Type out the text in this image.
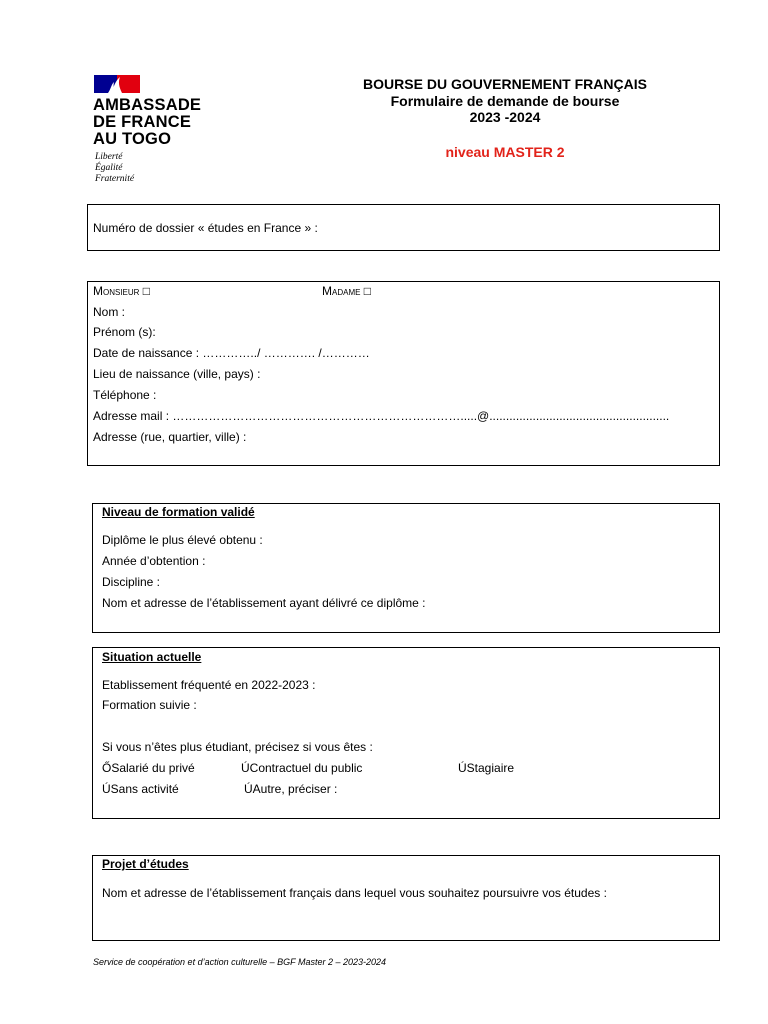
AMBASSADE
DE FRANCE
AU TOGO
Liberté
Égalité
Fraternité
BOURSE DU GOUVERNEMENT FRANÇAIS
Formulaire de demande de bourse
2023 -2024
niveau MASTER 2
Numéro de dossier « études en France » :
Monsieur □	Madame □
Nom :
Prénom (s):
Date de naissance : …………../ …………. /…………
Lieu de naissance (ville, pays) :
Téléphone :
Adresse mail : ……………………………………………………………….....@......................................................
Adresse (rue, quartier, ville) :
Niveau de formation validé
Diplôme le plus élevé obtenu :
Année d’obtention :
Discipline :
Nom et adresse de l’établissement ayant délivré ce diplôme :
Situation actuelle
Etablissement fréquenté en 2022-2023 :
Formation suivie :
Si vous n’êtes plus étudiant, précisez si vous êtes :
ŐSalarié du privé	ÚContractuel du public	ÚStagiaire
ÚSans activité	ÚAutre, préciser :
Projet d’études
Nom et adresse de l’établissement français dans lequel vous souhaitez poursuivre vos études :
Service de coopération et d’action culturelle – BGF Master 2 – 2023-2024
